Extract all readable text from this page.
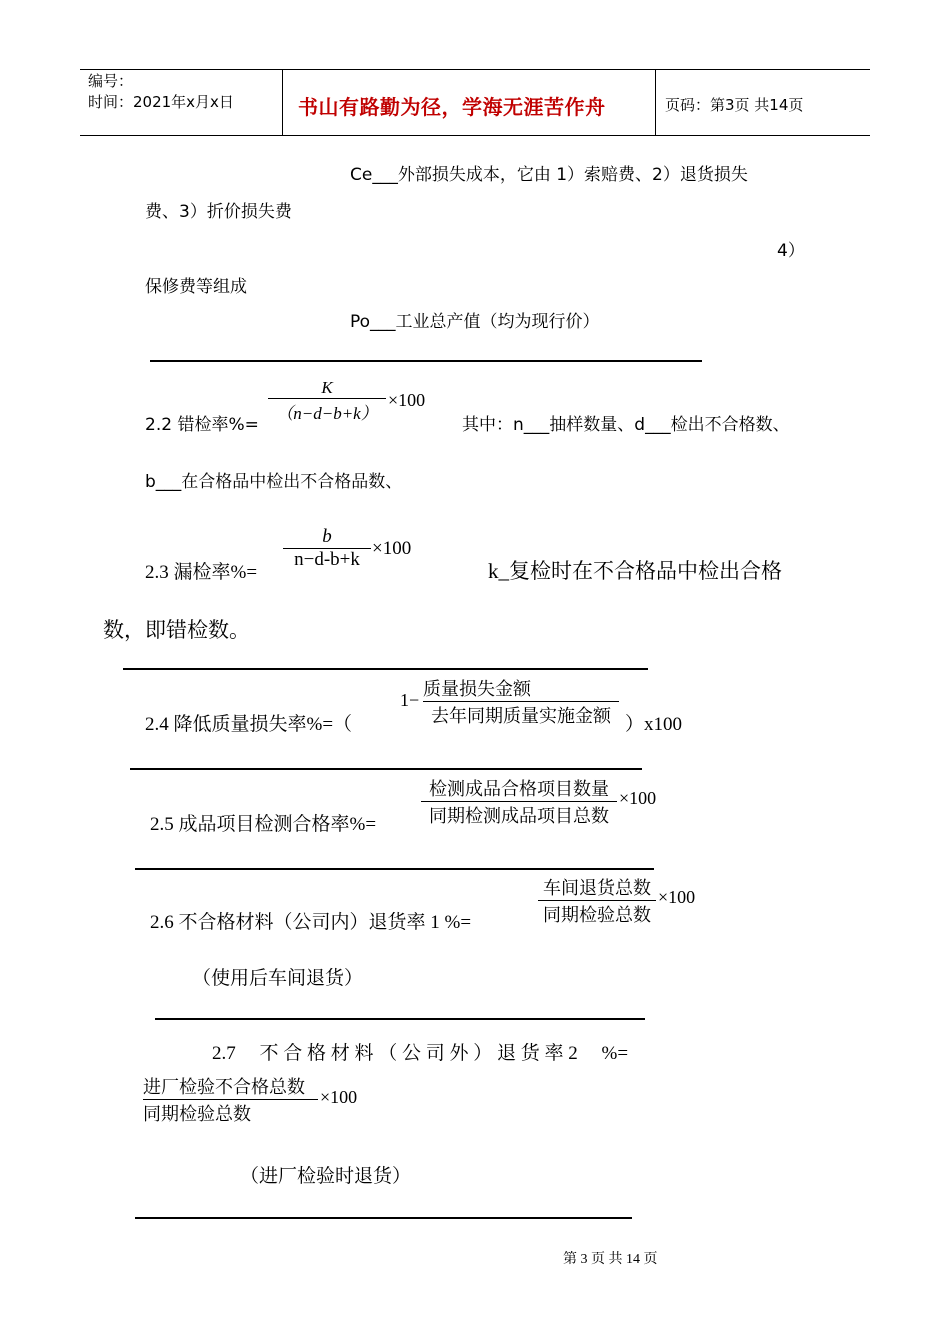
编号：
时间：2021年x月x日	书山有路勤为径，学海无涯苦作舟	页码：第3页 共14页
Ce___外部损失成本，它由 1）索赔费、2）退货损失
费、3）折价损失费
4）
保修费等组成
Po___工业总产值（均为现行价）
2.2 错检率%=
K
（n−d−b+k）
×100
其中：n___抽样数量、d___检出不合格数、
b___在合格品中检出不合格品数、
2.3 漏检率%=
b
n−d-b+k
×100
k_复检时在不合格品中检出合格
数，即错检数。
2.4 降低质量损失率%=（
1−
质量损失金额
去年同期质量实施金额 ）x100
2.5 成品项目检测合格率%=
检测成品合格项目数量
同期检测成品项目总数
×100
2.6 不合格材料（公司内）退货率 1 %=
车间退货总数
同期检验总数
×100
（使用后车间退货）
2.7     不 合 格 材 料 （ 公 司 外 ） 退 货 率 2     %=
进厂检验不合格总数
同期检验总数
×100
（进厂检验时退货）
第 3 页 共 14 页
